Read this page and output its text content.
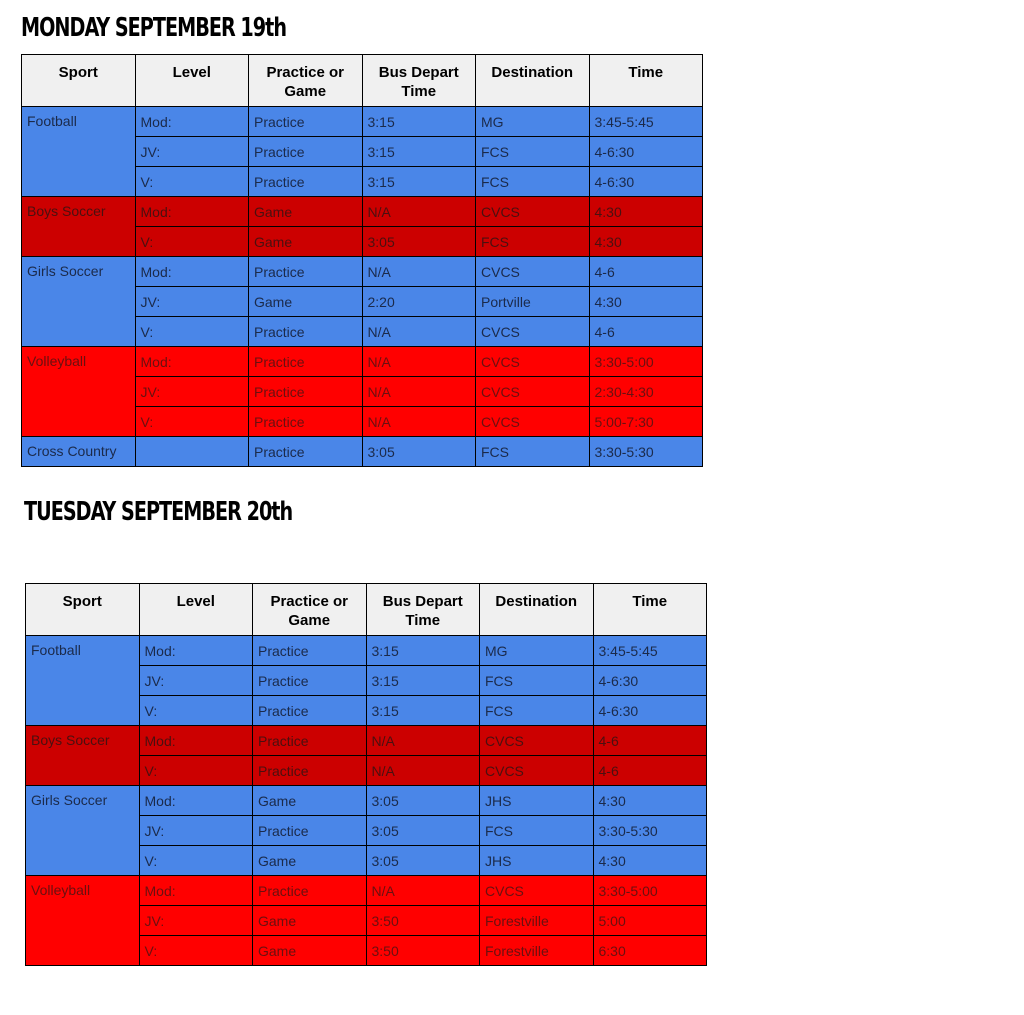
MONDAY SEPTEMBER 19th
Sport	Level	Practice or Game	Bus Depart Time	Destination	Time
Football	Mod:	Practice	3:15	MG	3:45-5:45
	JV:	Practice	3:15	FCS	4-6:30
	V:	Practice	3:15	FCS	4-6:30
Boys Soccer	Mod:	Game	N/A	CVCS	4:30
	V:	Game	3:05	FCS	4:30
Girls Soccer	Mod:	Practice	N/A	CVCS	4-6
	JV:	Game	2:20	Portville	4:30
	V:	Practice	N/A	CVCS	4-6
Volleyball	Mod:	Practice	N/A	CVCS	3:30-5:00
	JV:	Practice	N/A	CVCS	2:30-4:30
	V:	Practice	N/A	CVCS	5:00-7:30
Cross Country		Practice	3:05	FCS	3:30-5:30
TUESDAY SEPTEMBER 20th
Sport	Level	Practice or Game	Bus Depart Time	Destination	Time
Football	Mod:	Practice	3:15	MG	3:45-5:45
	JV:	Practice	3:15	FCS	4-6:30
	V:	Practice	3:15	FCS	4-6:30
Boys Soccer	Mod:	Practice	N/A	CVCS	4-6
	V:	Practice	N/A	CVCS	4-6
Girls Soccer	Mod:	Game	3:05	JHS	4:30
	JV:	Practice	3:05	FCS	3:30-5:30
	V:	Game	3:05	JHS	4:30
Volleyball	Mod:	Practice	N/A	CVCS	3:30-5:00
	JV:	Game	3:50	Forestville	5:00
	V:	Game	3:50	Forestville	6:30
